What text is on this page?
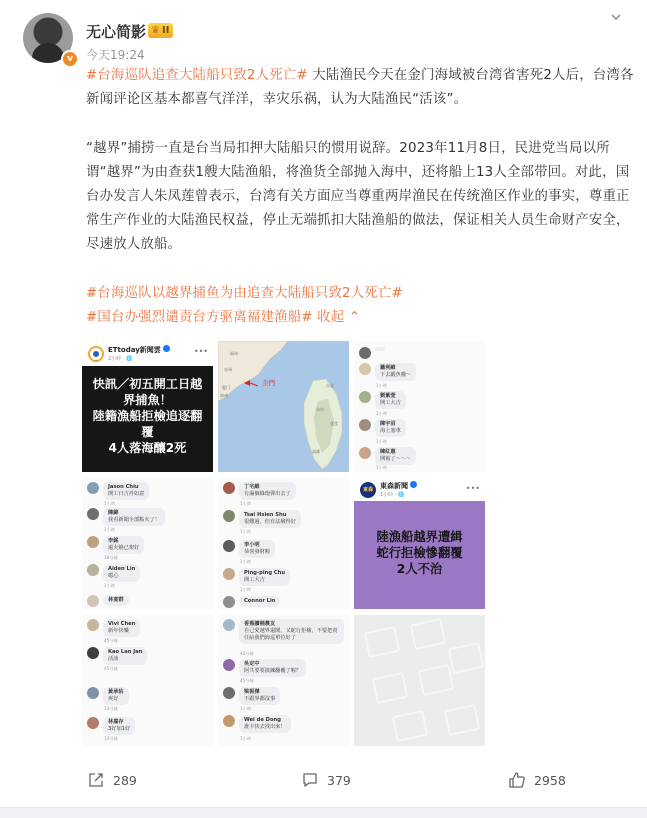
v
无心简影 ♛ II
今天19:24

#台海巡队追查大陆船只致2人死亡# 大陆渔民今天在金门海域被台湾省害死2人后，台湾各新闻评论区基本都喜气洋洋，幸灾乐祸，认为大陆渔民“活该”。

“越界”捕捞一直是台当局扣押大陆船只的惯用说辞。2023年11月8日，民进党当局以所谓“越界”为由查获1艘大陆渔船，将渔货全部抛入海中，还将船上13人全部带回。对此，国台办发言人朱凤莲曾表示，台湾有关方面应当尊重两岸渔民在传统渔区作业的事实，尊重正常生产作业的大陆渔民权益，停止无端抓扣大陆渔船的做法，保证相关人员生命财产安全，尽速放人放船。

#台海巡队以越界捕鱼为由追查大陆船只致2人死亡#

#国台办强烈谴责台方驱离福建渔船# 收起 ⌃

ETtoday新聞雲
2小時 · 🌐
•••
快訊／初五開工日越
界捕魚！
陸籍漁船拒檢追逐翻
覆
4人落海釀2死
金門
福州
泉州
厦门
漳州
台中
台北
高雄
花莲
蕭利維
下去鍛魚哦～
1小時
劉紫萱
開工大吉
1小時
陳宇沼
海上塞車
1小時
陳紅惠
開箱了～～～
1小時
Jason Chiu
開工日吉祥如意
1小時
陳錦
我看新聞全部點火了！
1小時
李銘
還火燒已架好
18分鐘
Aiden Lin
噁心
1小時
林宴群
丁宅維
有漏個綠炮彈出去了
1小時
Tsai Hsien Shu
很難過，但有法檢得好
1小時
李小明
恭喜發財喔
1小時
Ping-ping Chu
開工大吉
1小時
Connor Lin
東森	東森新聞
1小時 · 🌐
•••
陸漁船越界遭緝
蛇行拒檢慘翻覆
2人不治
Vivi Chen
新年快樂
45分鐘
Kao Lan Jan
活該
45分鐘
黃承佑
爽好
13分鐘
林嘉存
3好加1好
13分鐘
香蕉讀桶農友
自己愛越界還鬧，又蛇行拒檢，不要把責任給我們海巡單位好了
45分鐘
吳定中
阿共要要演練翻覆了喔？
45分鐘
梁振傑
不跟界都沒事
1小時
Wei de Dong
誰卡快去找出來！
1小時
289	379	2958
